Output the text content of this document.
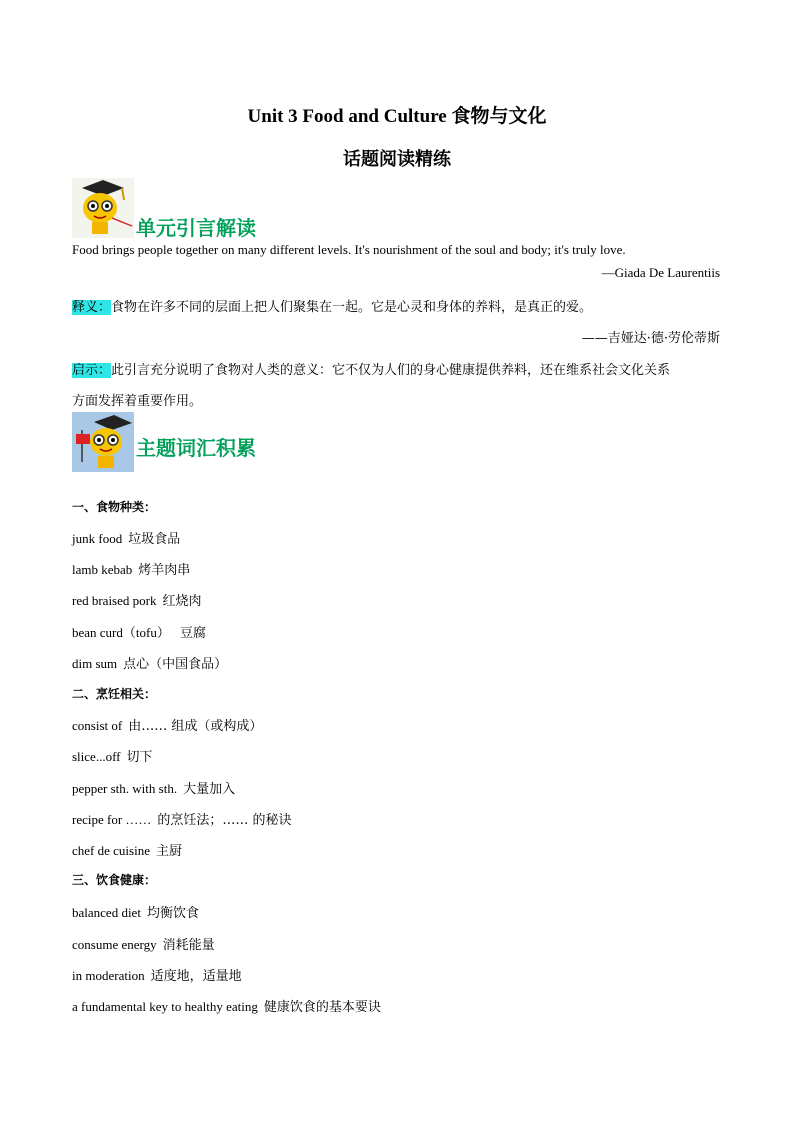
Unit 3 Food and Culture 食物与文化
话题阅读精练
单元引言解读
Food brings people together on many different levels. It's nourishment of the soul and body; it's truly love.
—Giada De Laurentiis
释义：食物在许多不同的层面上把人们聚集在一起。它是心灵和身体的养料，是真正的爱。
——吉娅达·德·劳伦蒂斯
启示：此引言充分说明了食物对人类的意义：它不仅为人们的身心健康提供养料，还在维系社会文化关系
方面发挥着重要作用。
主题词汇积累
一、食物种类：
junk food 垃圾食品
lamb kebab 烤羊肉串
red braised pork 红烧肉
bean curd（tofu） 豆腐
dim sum 点心（中国食品）
二、烹饪相关：
consist of 由…… 组成（或构成）
slice...off 切下
pepper sth. with sth. 大量加入
recipe for …… 的烹饪法；…… 的秘诀
chef de cuisine 主厨
三、饮食健康：
balanced diet 均衡饮食
consume energy 消耗能量
in moderation 适度地，适量地
a fundamental key to healthy eating 健康饮食的基本要诀
